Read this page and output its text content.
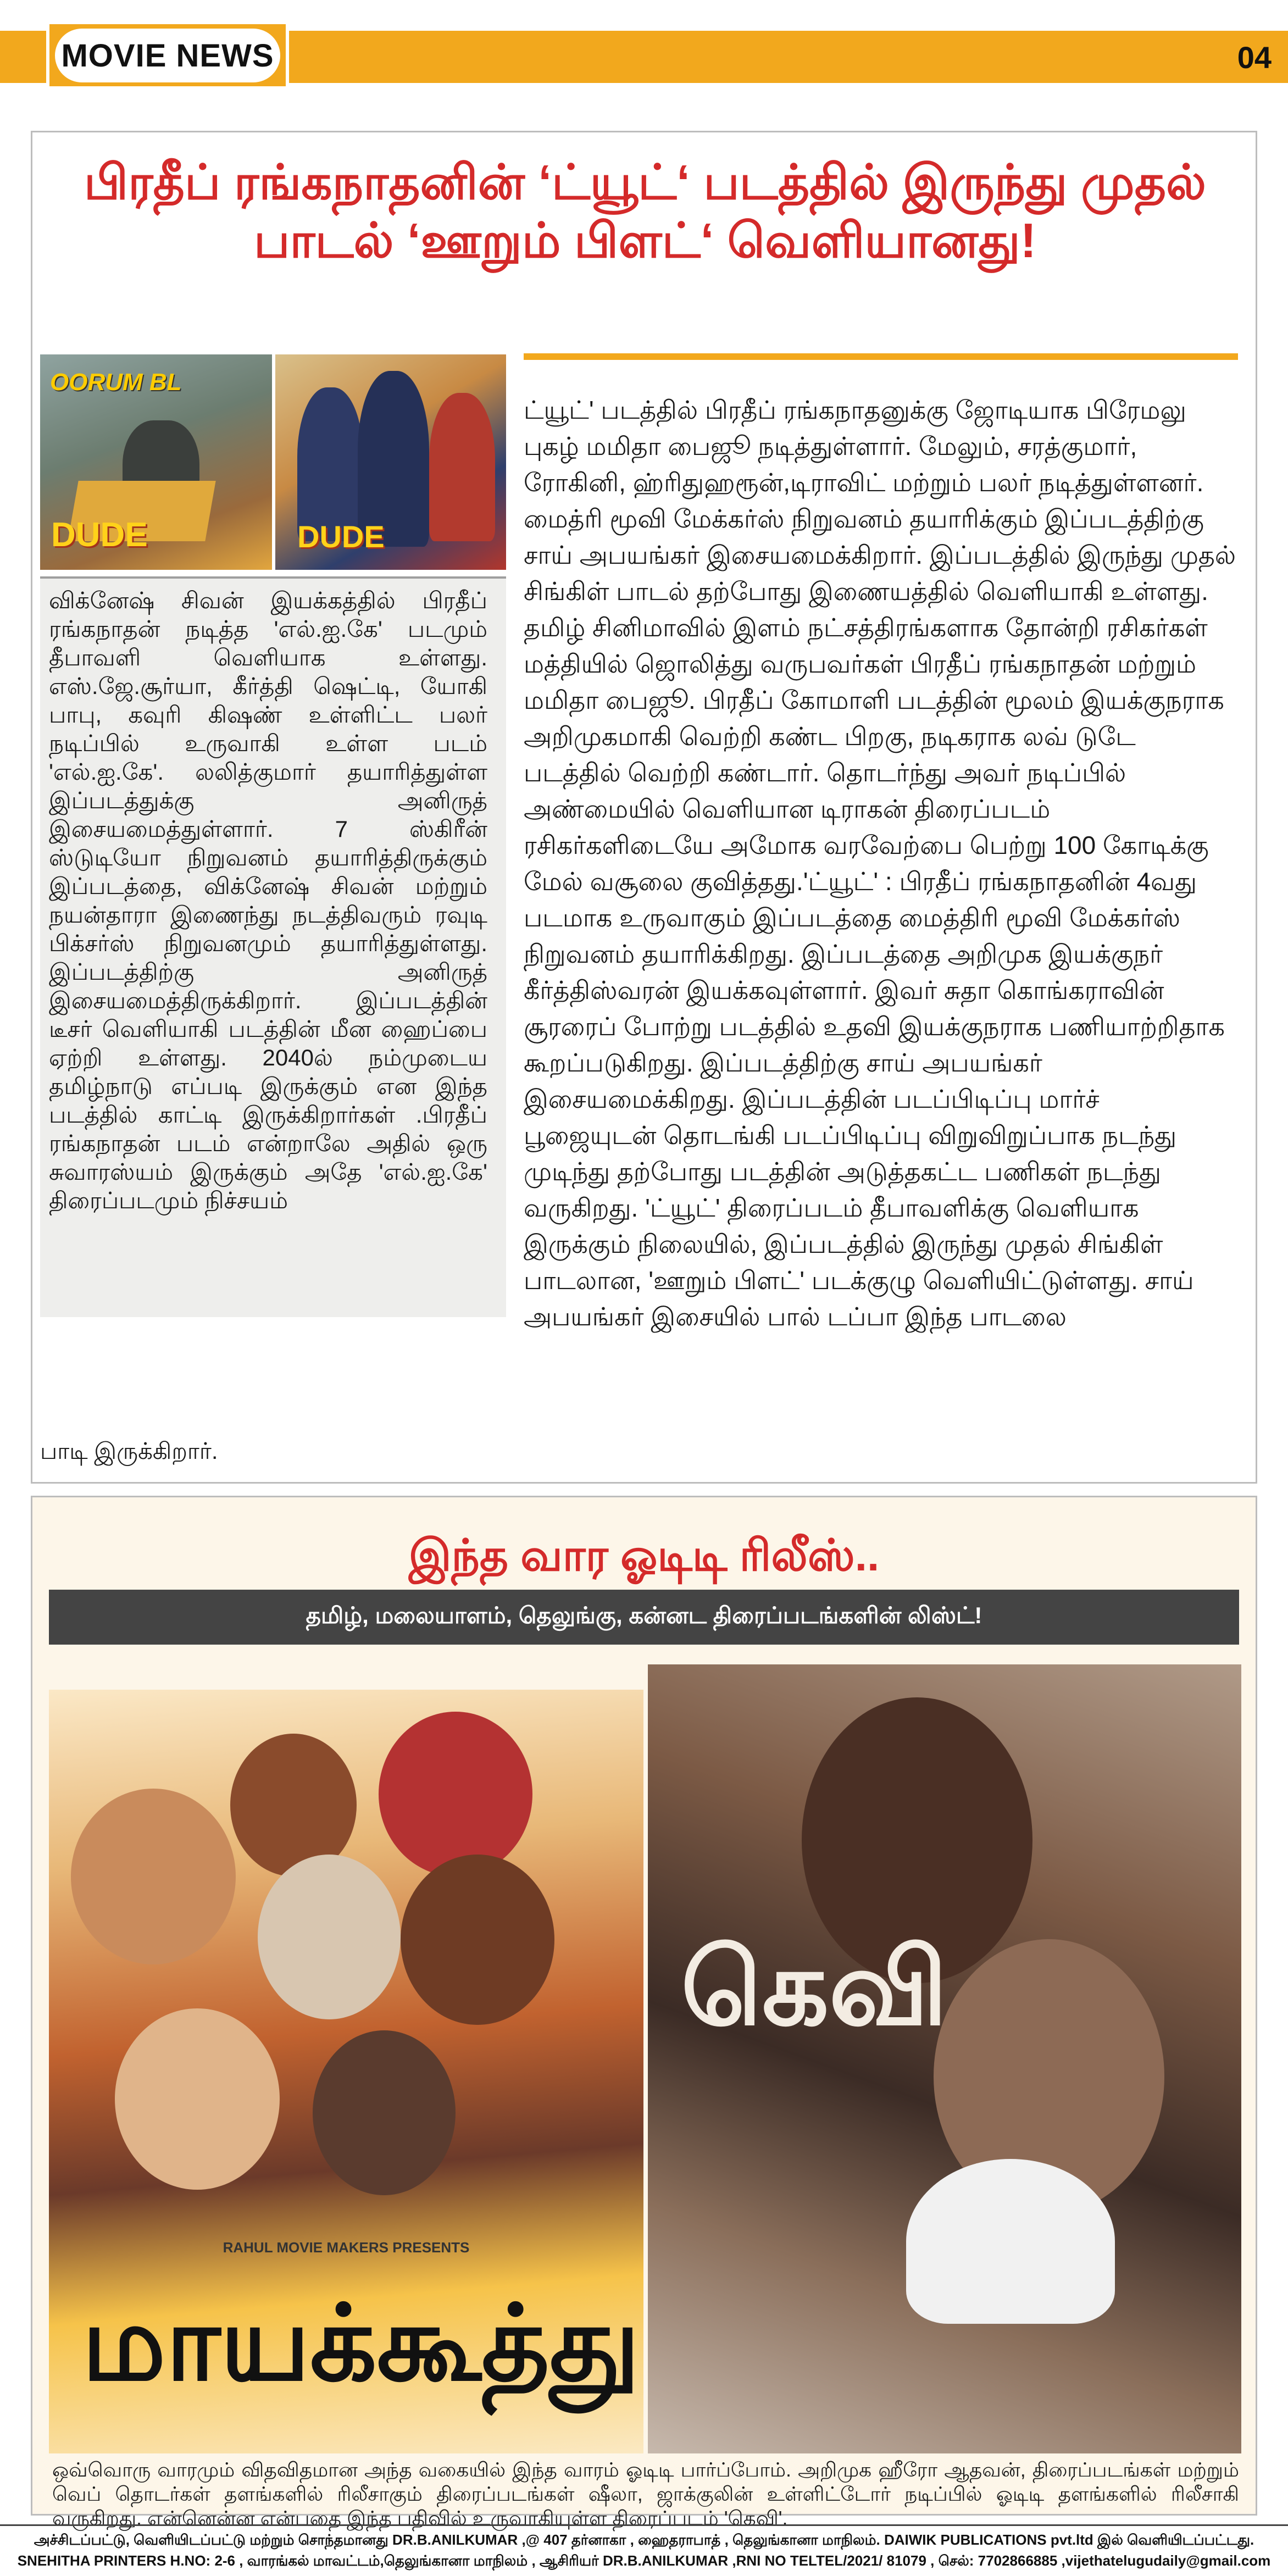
MOVIE NEWS	04
பிரதீப் ரங்கநாதனின் ‘ட்யூட்‘ படத்தில் இருந்து முதல் பாடல் ‘ஊறும் பிளட்‘ வெளியானது!
OORUM BL
DUDE	DUDE
விக்னேஷ் சிவன் இயக்கத்தில் பிரதீப் ரங்கநாதன் நடித்த 'எல்.ஐ.கே' படமும் தீபாவளி வெளியாக உள்ளது. எஸ்.ஜே.சூர்யா, கீர்த்தி ஷெட்டி, யோகி பாபு, கவுரி கிஷண் உள்ளிட்ட பலர் நடிப்பில் உருவாகி உள்ள படம் 'எல்.ஐ.கே'. லலித்குமார் தயாரித்துள்ள இப்படத்துக்கு அனிருத் இசையமைத்துள்ளார். 7 ஸ்கிரீன் ஸ்டுடியோ நிறுவனம் தயாரித்திருக்கும் இப்படத்தை, விக்னேஷ் சிவன் மற்றும் நயன்தாரா இணைந்து நடத்திவரும் ரவுடி பிக்சர்ஸ் நிறுவனமும் தயாரித்துள்ளது. இப்படத்திற்கு அனிருத் இசையமைத்திருக்கிறார். இப்படத்தின் டீசர் வெளியாகி படத்தின் மீன ஹைப்பை ஏற்றி உள்ளது. 2040ல் நம்முடைய தமிழ்நாடு எப்படி இருக்கும் என இந்த படத்தில் காட்டி இருக்கிறார்கள் .பிரதீப் ரங்கநாதன் படம் என்றாலே அதில் ஒரு சுவாரஸ்யம் இருக்கும் அதே 'எல்.ஐ.கே' திரைப்படமும் நிச்சயம்
பாடி இருக்கிறார்.
ட்யூட்' படத்தில் பிரதீப் ரங்கநாதனுக்கு ஜோடியாக பிரேமலு புகழ் மமிதா பைஜூ நடித்துள்ளார். மேலும், சரத்குமார், ரோகினி, ஹ்ரிதுஹரூன்,டிராவிட் மற்றும் பலர் நடித்துள்ளனர். மைத்ரி மூவி மேக்கர்ஸ் நிறுவனம் தயாரிக்கும் இப்படத்திற்கு சாய் அபயங்கர் இசையமைக்கிறார். இப்படத்தில் இருந்து முதல் சிங்கிள் பாடல் தற்போது இணையத்தில் வெளியாகி உள்ளது. தமிழ் சினிமாவில் இளம் நட்சத்திரங்களாக தோன்றி ரசிகர்கள் மத்தியில் ஜொலித்து வருபவர்கள் பிரதீப் ரங்கநாதன் மற்றும் மமிதா பைஜூ. பிரதீப் கோமாளி படத்தின் மூலம் இயக்குநராக அறிமுகமாகி வெற்றி கண்ட பிறகு, நடிகராக லவ் டுடே படத்தில் வெற்றி கண்டார். தொடர்ந்து அவர் நடிப்பில் அண்மையில் வெளியான டிராகன் திரைப்படம் ரசிகர்களிடையே அமோக வரவேற்பை பெற்று 100 கோடிக்கு மேல் வசூலை குவித்தது.'ட்யூட்' : பிரதீப் ரங்கநாதனின் 4வது படமாக உருவாகும் இப்படத்தை மைத்திரி மூவி மேக்கர்ஸ் நிறுவனம் தயாரிக்கிறது. இப்படத்தை அறிமுக இயக்குநர் கீர்த்திஸ்வரன் இயக்கவுள்ளார். இவர் சுதா கொங்கராவின் சூரரைப் போற்று படத்தில் உதவி இயக்குநராக பணியாற்றிதாக கூறப்படுகிறது. இப்படத்திற்கு சாய் அபயங்கர் இசையமைக்கிறது. இப்படத்தின் படப்பிடிப்பு மார்ச் பூஜையுடன் தொடங்கி படப்பிடிப்பு விறுவிறுப்பாக நடந்து முடிந்து தற்போது படத்தின் அடுத்தகட்ட பணிகள் நடந்து வருகிறது. 'ட்யூட்' திரைப்படம் தீபாவளிக்கு வெளியாக இருக்கும் நிலையில், இப்படத்தில் இருந்து முதல் சிங்கிள் பாடலான, 'ஊறும் பிளட்' படக்குழு வெளியிட்டுள்ளது. சாய் அபயங்கர் இசையில் பால் டப்பா இந்த பாடலை
இந்த வார ஓடிடி ரிலீஸ்..
தமிழ், மலையாளம், தெலுங்கு, கன்னட திரைப்படங்களின் லிஸ்ட்!
RAHUL MOVIE MAKERS PRESENTS
மாயக்கூத்து
கெவி
ஒவ்வொரு வாரமும் விதவிதமான அந்த வகையில் இந்த வாரம் ஓடிடி பார்ப்போம். அறிமுக ஹீரோ ஆதவன், திரைப்படங்கள் மற்றும் வெப் தொடர்கள் தளங்களில் ரிலீசாகும் திரைப்படங்கள் ஷீலா, ஜாக்குலின் உள்ளிட்டோர் நடிப்பில் ஓடிடி தளங்களில் ரிலீசாகி வருகிறது. என்னென்ன என்பதை இந்த பதிவில் உருவாகியுள்ள திரைப்படம் 'கெவி'.
அச்சிடப்பட்டு, வெளியிடப்பட்டு மற்றும் சொந்தமானது DR.B.ANILKUMAR ,@ 407 தர்னாகா , ஹைதராபாத் , தெலுங்கானா மாநிலம். DAIWIK PUBLICATIONS pvt.ltd இல் வெளியிடப்பட்டது.
SNEHITHA PRINTERS H.NO: 2-6 , வாரங்கல் மாவட்டம்,தெலுங்கானா மாநிலம் , ஆசிரியர் DR.B.ANILKUMAR ,RNI NO TELTEL/2021/ 81079 , செல்: 7702866885 ,vijethatelugudaily@gmail.com
